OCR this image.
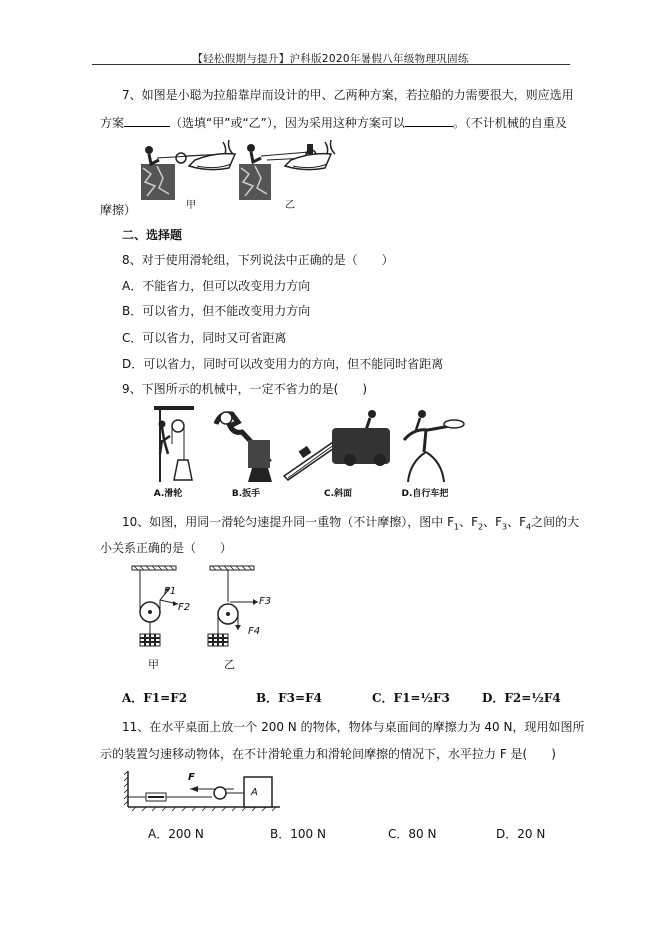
【轻松假期与提升】沪科版2020年暑假八年级物理巩固练
7、如图是小聪为拉船靠岸而设计的甲、乙两种方案，若拉船的力需要很大，则应选用
方案	（选填“甲”或“乙”），因为采用这种方案可以	。（不计机械的自重及
甲	乙
摩擦）
二、选择题
8、对于使用滑轮组，下列说法中正确的是（　　）
A．不能省力，但可以改变用力方向
B．可以省力，但不能改变用力方向
C．可以省力，同时又可省距离
D．可以省力，同时可以改变用力的方向，但不能同时省距离
9、下图所示的机械中，一定不省力的是(　　)
A.滑轮	B.扳手	C.斜面	D.自行车把
10、如图，用同一滑轮匀速提升同一重物（不计摩擦），图中 $F_1$、$F_2$、$F_3$、$F_4$之间的大
小关系正确的是（　　）
F1
F2
F3
F4
甲	乙
A．F1=F2	B．F3=F4	C．F1=½F3	D．F2=½F4
11、在水平桌面上放一个 200 N 的物体，物体与桌面间的摩擦力为 40 N，现用如图所
示的装置匀速移动物体，在不计滑轮重力和滑轮间摩擦的情况下，水平拉力 F 是(　　)
F
A
A．200 N	B．100 N	C．80 N	D．20 N
